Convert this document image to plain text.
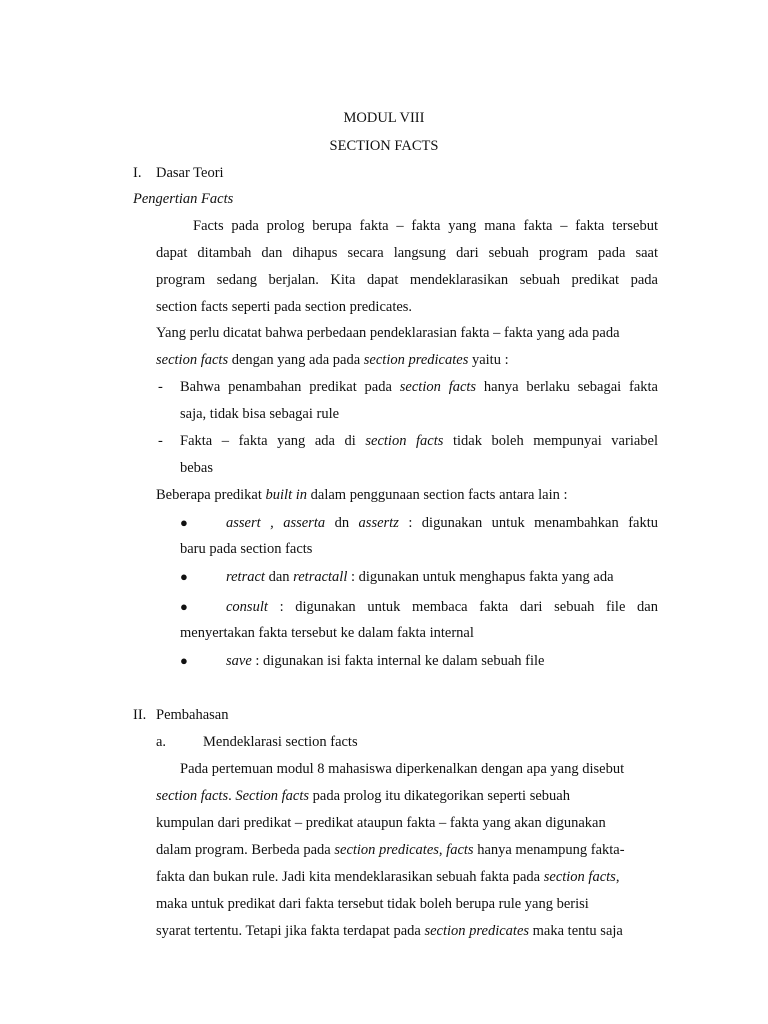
MODUL VIII
SECTION FACTS
I. Dasar Teori
Pengertian Facts
Facts pada prolog berupa fakta – fakta yang mana fakta – fakta tersebut
dapat ditambah dan dihapus secara langsung dari sebuah program pada saat
program sedang berjalan. Kita dapat mendeklarasikan sebuah predikat pada
section facts seperti pada section predicates.
Yang perlu dicatat bahwa perbedaan pendeklarasian fakta – fakta yang ada pada
section facts dengan yang ada pada section predicates yaitu :
- Bahwa penambahan predikat pada section facts hanya berlaku sebagai fakta
saja, tidak bisa sebagai rule
- Fakta – fakta yang ada di section facts tidak boleh mempunyai variabel
bebas
Beberapa predikat built in dalam penggunaan section facts antara lain :
●	assert , asserta dn assertz : digunakan untuk menambahkan faktu
baru pada section facts
●	retract dan retractall : digunakan untuk menghapus fakta yang ada
●	consult : digunakan untuk membaca fakta dari sebuah file dan
menyertakan fakta tersebut ke dalam fakta internal
●	save : digunakan isi fakta internal ke dalam sebuah file
II. Pembahasan
a.	Mendeklarasi section facts
Pada pertemuan modul 8 mahasiswa diperkenalkan dengan apa yang disebut
section facts. Section facts pada prolog itu dikategorikan seperti sebuah
kumpulan dari predikat – predikat ataupun fakta – fakta yang akan digunakan
dalam program. Berbeda pada section predicates, facts hanya menampung fakta-
fakta dan bukan rule. Jadi kita mendeklarasikan sebuah fakta pada section facts,
maka untuk predikat dari fakta tersebut tidak boleh berupa rule yang berisi
syarat tertentu. Tetapi jika fakta terdapat pada section predicates maka tentu saja
